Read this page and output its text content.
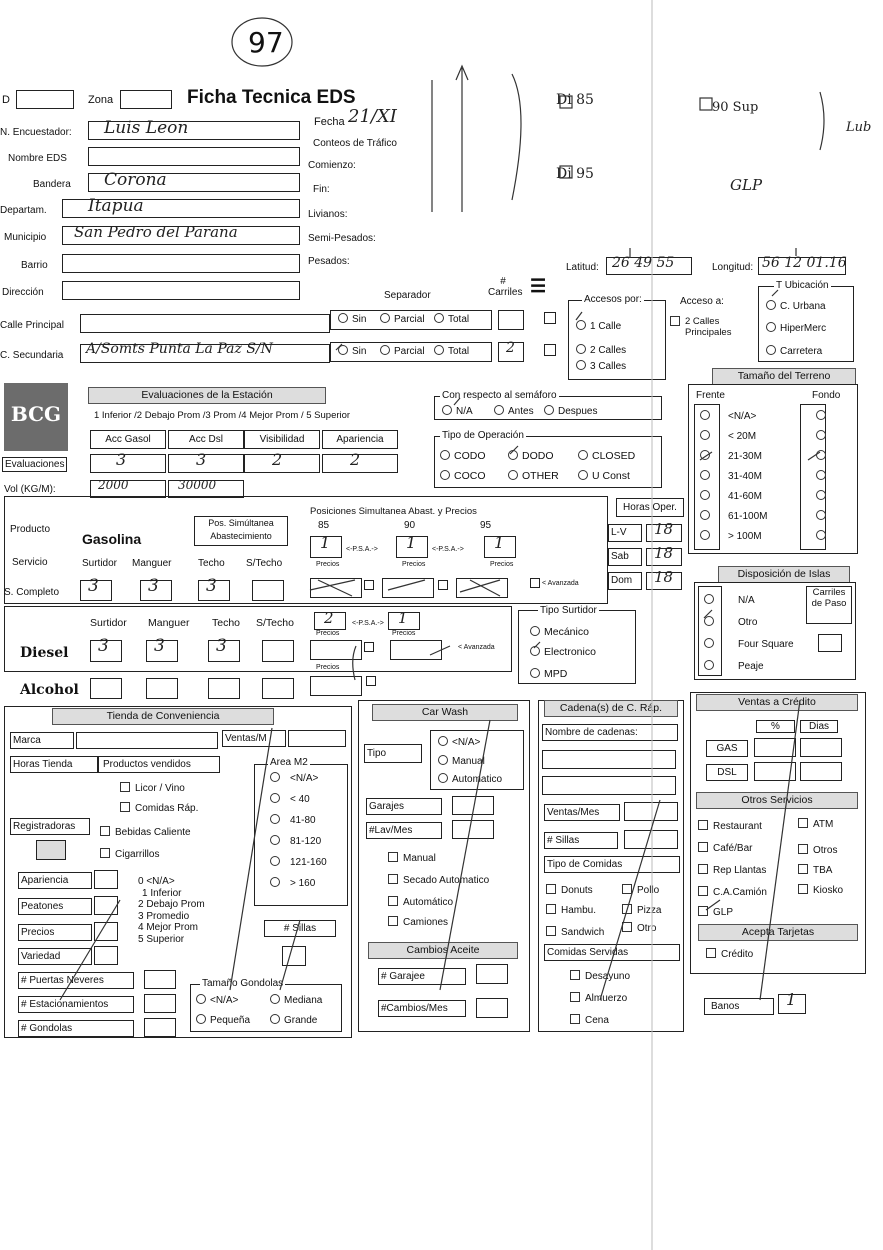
97
D	Zona	Ficha Tecnica EDS
Fecha 21/XI
Conteos de Tráfico
Comienzo:
Fin:
Livianos:
Semi-Pesados:
Pesados:
N. Encuestador: Luis Leon
Nombre EDS
Bandera Corona
Departam. Itapua
Municipio San Pedro del Parana
Barrio
Dirección
Calle Principal
C. Secundaria A/Somts Punta La Paz S/N
Di 85
Di 95
90 Sup
GLP
Lub
Latitud: 26 49 55	Longitud: 56 12 01.16
T Ubicación
C. Urbana
HiperMerc
Carretera
Separador
# Carriles ☰
Sin	Parcial	Total
Sin	Parcial	Total	2
Accesos por:
1 Calle
2 Calles
3 Calles
Acceso a:
2 Calles Principales
BCG
Evaluaciones de la Estación
1 Inferior /2 Debajo Prom /3 Prom /4 Mejor Prom / 5 Superior
Acc Gasol	Acc Dsl	Visibilidad	Apariencia
Evaluaciones	3	3	2	2
Vol (KG/M):	2000	30000
Con respecto al semáforo
N/A	Antes	Despues
Tipo de Operación
CODO	DODO	CLOSED
COCO	OTHER	U Const
Tamaño del Terreno
Frente	Fondo
<N/A>
< 20M
21-30M
31-40M
41-60M
61-100M
> 100M
Disposición de Islas
N/A
Otro
Four Square
Peaje
Carriles de Paso
Horas Oper.
L-V	18
Sab	18
Dom	18
Producto
Gasolina
Pos. Simúltanea Abastecimiento
Posiciones Simultanea Abast. y Precios
85	90	95
1 <-P.S.A.-> 1 <-P.S.A.-> 1
Precios	Precios	Precios
Servicio	Surtidor Manguer	Techo S/Techo
S. Completo 3	3	3	< Avanzada
Surtidor Manguer Techo S/Techo
Diesel 3	3	3
2	<-P.S.A.-> 1
Precios	Precios
< Avanzada
Alcohol
Precios
Tipo Surtidor
Mecánico
Electronico
MPD
Tienda de Conveniencia
Marca	Ventas/M
Horas Tienda	Productos vendidos
Licor / Vino
Comidas Ráp.
Bebidas Caliente
Cigarrillos
Area M2
<N/A>
< 40
41-80
81-120
121-160
> 160
Registradoras
Apariencia
Peatones
Precios
Variedad
0 <N/A>
1 Inferior
2 Debajo Prom
3 Promedio
4 Mejor Prom
5 Superior
# Sillas
# Puertas Neveres
# Estacionamientos
# Gondolas
Tamaño Gondolas
<N/A>	Mediana
Pequeña	Grande
Car Wash
Tipo
<N/A>
Manual
Automatico
Garajes
#Lav/Mes
Manual
Secado Automatico
Automático
Camiones
Cambios Aceite
# Garajee
#Cambios/Mes
Cadena(s) de C. Ráp.
Nombre de cadenas:
Ventas/Mes
# Sillas
Tipo de Comidas
Donuts	Pollo
Hambu.	Pizza
Sandwich	Otro
Comidas Servidas
Desayuno
Almuerzo
Cena
Ventas a Crédito
%	Dias
GAS
DSL
Otros Servicios
Restaurant	ATM
Café/Bar	Otros
Rep Llantas	TBA
C.A.Camión	Kiosko
GLP
Acepta Tarjetas
Crédito
Banos	1
